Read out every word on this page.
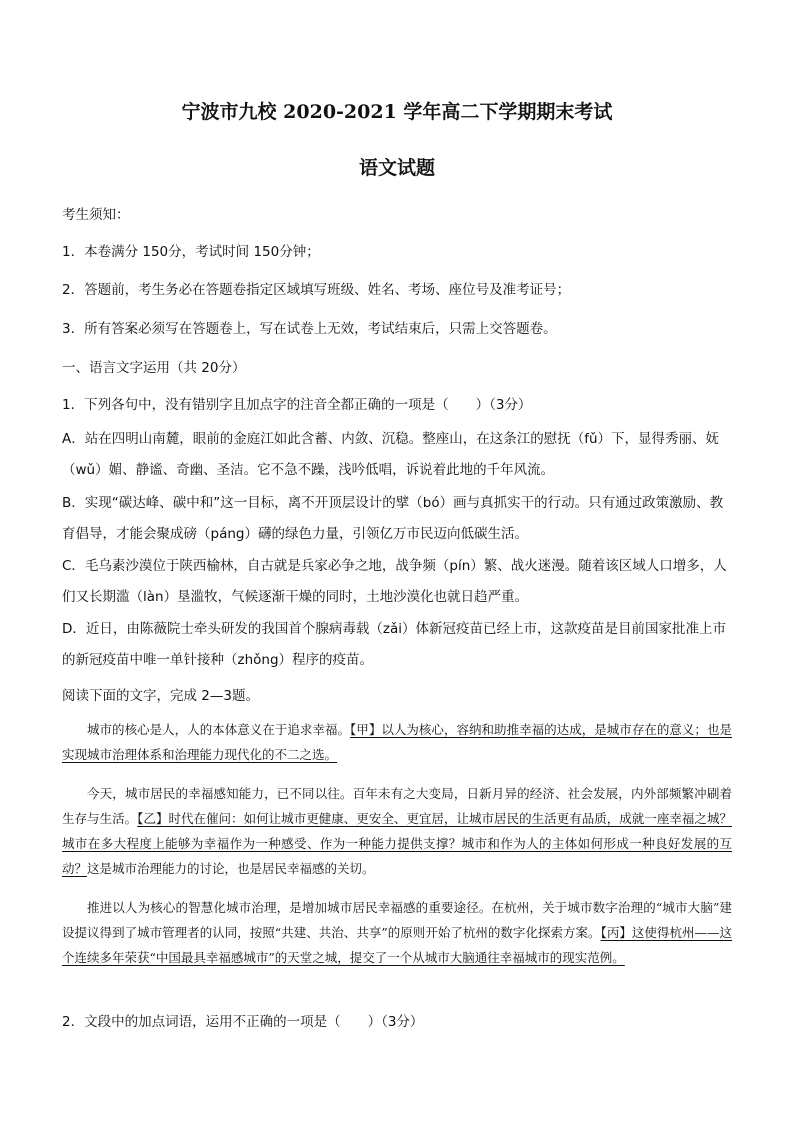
宁波市九校 2020-2021 学年高二下学期期末考试
语文试题
考生须知：
1．本卷满分 150分，考试时间 150分钟；
2．答题前，考生务必在答题卷指定区域填写班级、姓名、考场、座位号及准考证号；
3．所有答案必须写在答题卷上，写在试卷上无效，考试结束后，只需上交答题卷。
一、语言文字运用（共 20分）
1．下列各句中，没有错别字且加点字的注音全都正确的一项是（　　）（3分）
A．站在四明山南麓，眼前的金庭江如此含蓄、内敛、沉稳。整座山，在这条江的慰抚（fǔ）下，显得秀丽、妩（wǔ）媚、静谧、奇幽、圣洁。它不急不躁，浅吟低唱，诉说着此地的千年风流。
B．实现“碳达峰、碳中和”这一目标，离不开顶层设计的擘（bó）画与真抓实干的行动。只有通过政策激励、教育倡导，才能会聚成磅（páng）礴的绿色力量，引领亿万市民迈向低碳生活。
C．毛乌素沙漠位于陕西榆林，自古就是兵家必争之地，战争频（pín）繁、战火迷漫。随着该区域人口增多，人们又长期滥（làn）垦滥牧，气候逐渐干燥的同时，土地沙漠化也就日趋严重。
D．近日，由陈薇院士牵头研发的我国首个腺病毒载（zǎi）体新冠疫苗已经上市，这款疫苗是目前国家批准上市的新冠疫苗中唯一单针接种（zhǒng）程序的疫苗。
阅读下面的文字，完成 2—3题。
城市的核心是人，人的本体意义在于追求幸福。【甲】以人为核心，容纳和助推幸福的达成，是城市存在的意义；也是实现城市治理体系和治理能力现代化的不二之选。
今天，城市居民的幸福感知能力，已不同以往。百年未有之大变局，日新月异的经济、社会发展，内外部频繁冲刷着生存与生活。【乙】时代在催问：如何让城市更健康、更安全、更宜居，让城市居民的生活更有品质，成就一座幸福之城？城市在多大程度上能够为幸福作为一种感受、作为一种能力提供支撑？城市和作为人的主体如何形成一种良好发展的互动？这是城市治理能力的讨论，也是居民幸福感的关切。
推进以人为核心的智慧化城市治理，是增加城市居民幸福感的重要途径。在杭州，关于城市数字治理的“城市大脑”建设提议得到了城市管理者的认同，按照“共建、共治、共享”的原则开始了杭州的数字化探索方案。【丙】这使得杭州——这个连续多年荣获“中国最具幸福感城市”的天堂之城，提交了一个从城市大脑通往幸福城市的现实范例。
2．文段中的加点词语，运用不正确的一项是（　　）（3分）
